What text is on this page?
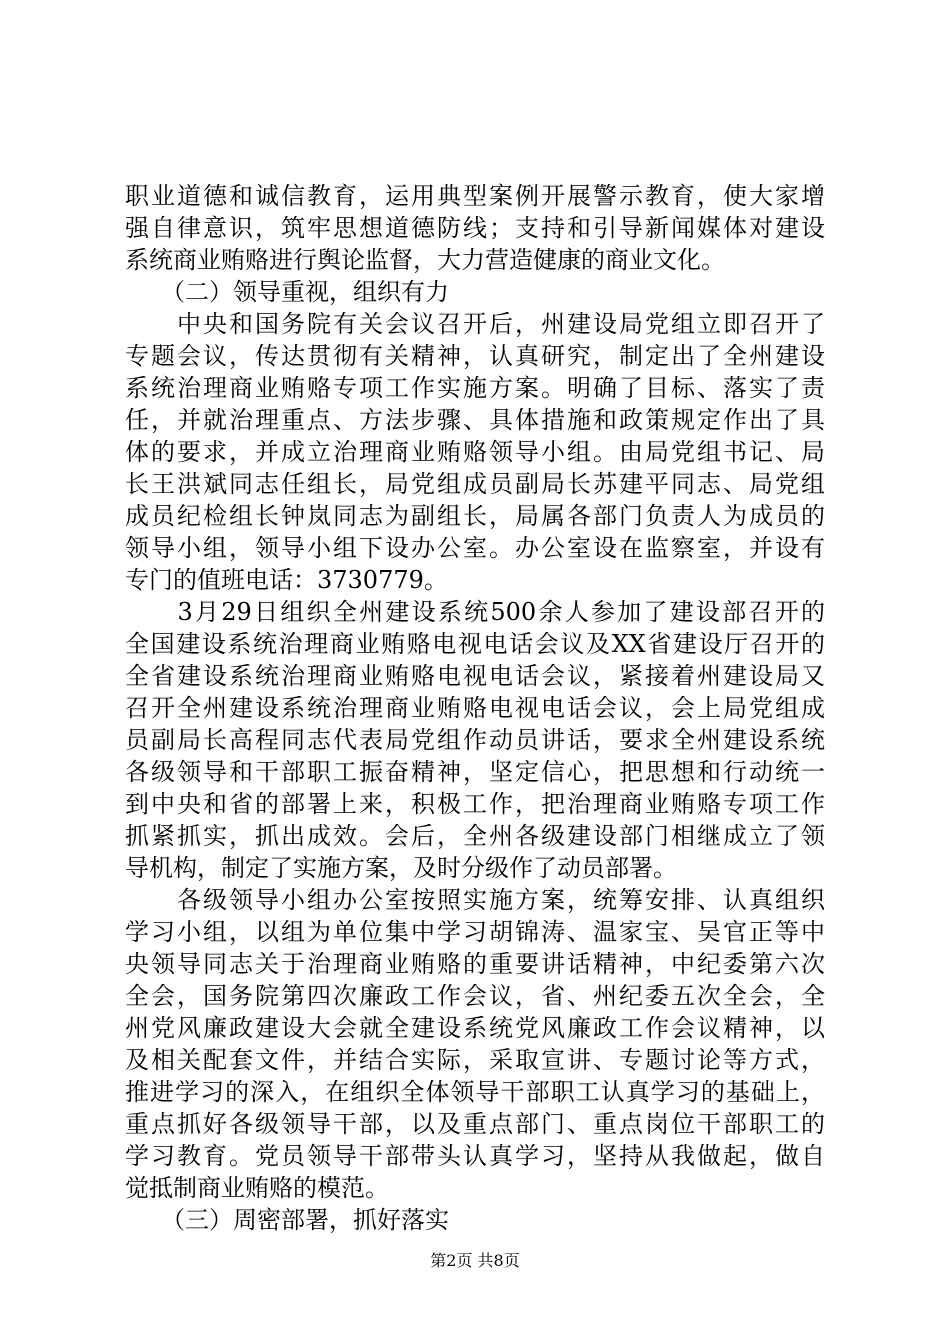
职业道德和诚信教育，运用典型案例开展警示教育，使大家增
强自律意识，筑牢思想道德防线；支持和引导新闻媒体对建设
系统商业贿赂进行舆论监督，大力营造健康的商业文化。
　　（二）领导重视，组织有力
　　中央和国务院有关会议召开后，州建设局党组立即召开了
专题会议，传达贯彻有关精神，认真研究，制定出了全州建设
系统治理商业贿赂专项工作实施方案。明确了目标、落实了责
任，并就治理重点、方法步骤、具体措施和政策规定作出了具
体的要求，并成立治理商业贿赂领导小组。由局党组书记、局
长王洪斌同志任组长，局党组成员副局长苏建平同志、局党组
成员纪检组长钟岚同志为副组长，局属各部门负责人为成员的
领导小组，领导小组下设办公室。办公室设在监察室，并设有
专门的值班电话：3730779。
　　3月29日组织全州建设系统500余人参加了建设部召开的
全国建设系统治理商业贿赂电视电话会议及XX省建设厅召开的
全省建设系统治理商业贿赂电视电话会议，紧接着州建设局又
召开全州建设系统治理商业贿赂电视电话会议，会上局党组成
员副局长高程同志代表局党组作动员讲话，要求全州建设系统
各级领导和干部职工振奋精神，坚定信心，把思想和行动统一
到中央和省的部署上来，积极工作，把治理商业贿赂专项工作
抓紧抓实，抓出成效。会后，全州各级建设部门相继成立了领
导机构，制定了实施方案，及时分级作了动员部署。
　　各级领导小组办公室按照实施方案，统筹安排、认真组织
学习小组，以组为单位集中学习胡锦涛、温家宝、吴官正等中
央领导同志关于治理商业贿赂的重要讲话精神，中纪委第六次
全会，国务院第四次廉政工作会议，省、州纪委五次全会，全
州党风廉政建设大会就全建设系统党风廉政工作会议精神，以
及相关配套文件，并结合实际，采取宣讲、专题讨论等方式，
推进学习的深入，在组织全体领导干部职工认真学习的基础上，
重点抓好各级领导干部，以及重点部门、重点岗位干部职工的
学习教育。党员领导干部带头认真学习，坚持从我做起，做自
觉抵制商业贿赂的模范。
　　（三）周密部署，抓好落实
第2页 共8页
